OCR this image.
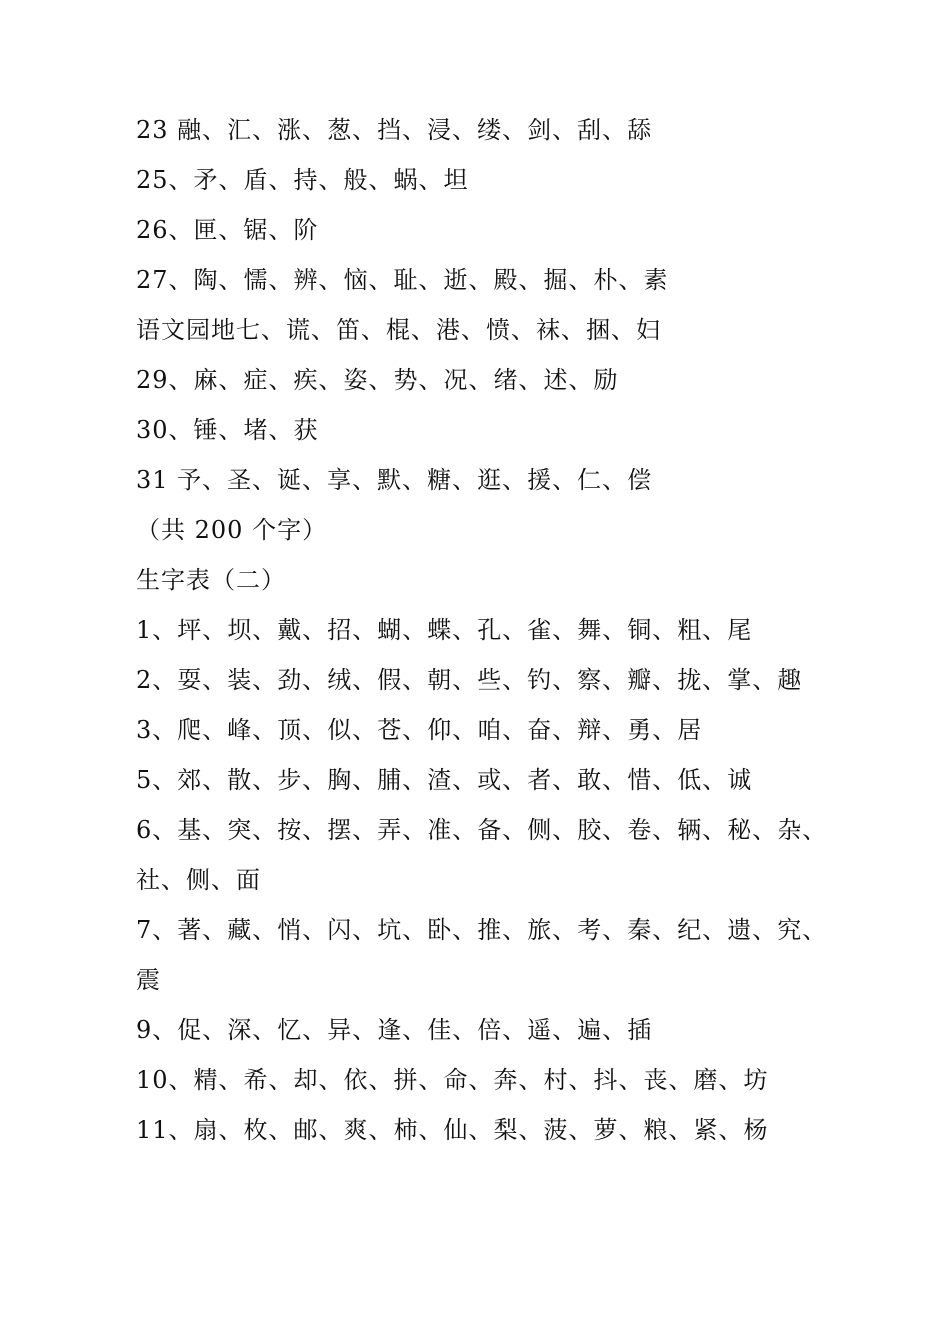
23 融、汇、涨、葱、挡、浸、缕、剑、刮、舔
25、矛、盾、持、般、蜗、坦
26、匣、锯、阶
27、陶、懦、辨、恼、耻、逝、殿、掘、朴、素
语文园地七、谎、笛、棍、港、愤、袜、捆、妇
29、麻、症、疾、姿、势、况、绪、述、励
30、锤、堵、获
31 予、圣、诞、享、默、糖、逛、援、仁、偿
（共 200 个字）
生字表（二）
1、坪、坝、戴、招、蝴、蝶、孔、雀、舞、铜、粗、尾
2、耍、装、劲、绒、假、朝、些、钓、察、瓣、拢、掌、趣
3、爬、峰、顶、似、苍、仰、咱、奋、辩、勇、居
5、郊、散、步、胸、脯、渣、或、者、敢、惜、低、诚
6、基、突、按、摆、弄、准、备、侧、胶、卷、辆、秘、杂、
社、侧、面
7、著、藏、悄、闪、坑、卧、推、旅、考、秦、纪、遗、究、
震
9、促、深、忆、异、逢、佳、倍、遥、遍、插
10、精、希、却、依、拼、命、奔、村、抖、丧、磨、坊
11、扇、枚、邮、爽、柿、仙、梨、菠、萝、粮、紧、杨
